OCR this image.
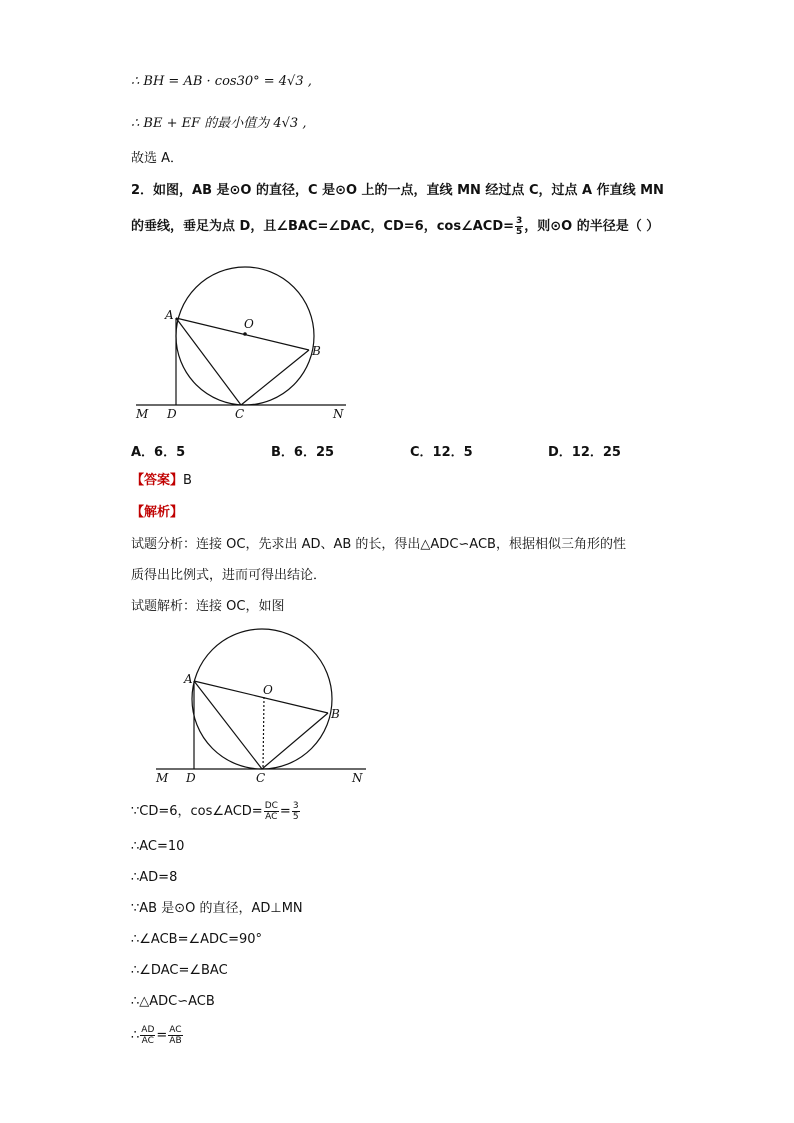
∴ BH = AB · cos30° = 4√3 ,
∴ BE + EF 的最小值为 4√3 ,
故选 A．
2．如图，AB 是⊙O 的直径，C 是⊙O 上的一点，直线 MN 经过点 C，过点 A 作直线 MN
的垂线，垂足为点 D，且∠BAC=∠DAC，CD=6，cos∠ACD= $\frac{3}{5}$ ，则⊙O 的半径是（ ）
A
O
B
M D	C	N
A．6．5	B．6．25	C．12．5	D．12．25
【答案】B
【解析】
试题分析：连接 OC，先求出 AD、AB 的长，得出△ADC∽ACB，根据相似三角形的性
质得出比例式，进而可得出结论．
试题解析：连接 OC，如图
A
O
B
M D	C	N
∵CD=6，cos∠ACD= $\frac{DC}{AC} = \frac{3}{5}$
∴AC=10
∴AD=8
∵AB 是⊙O 的直径，AD⊥MN
∴∠ACB=∠ADC=90°
∴∠DAC=∠BAC
∴△ADC∽ACB
∴ $\frac{AD}{AC} = \frac{AC}{AB}$
